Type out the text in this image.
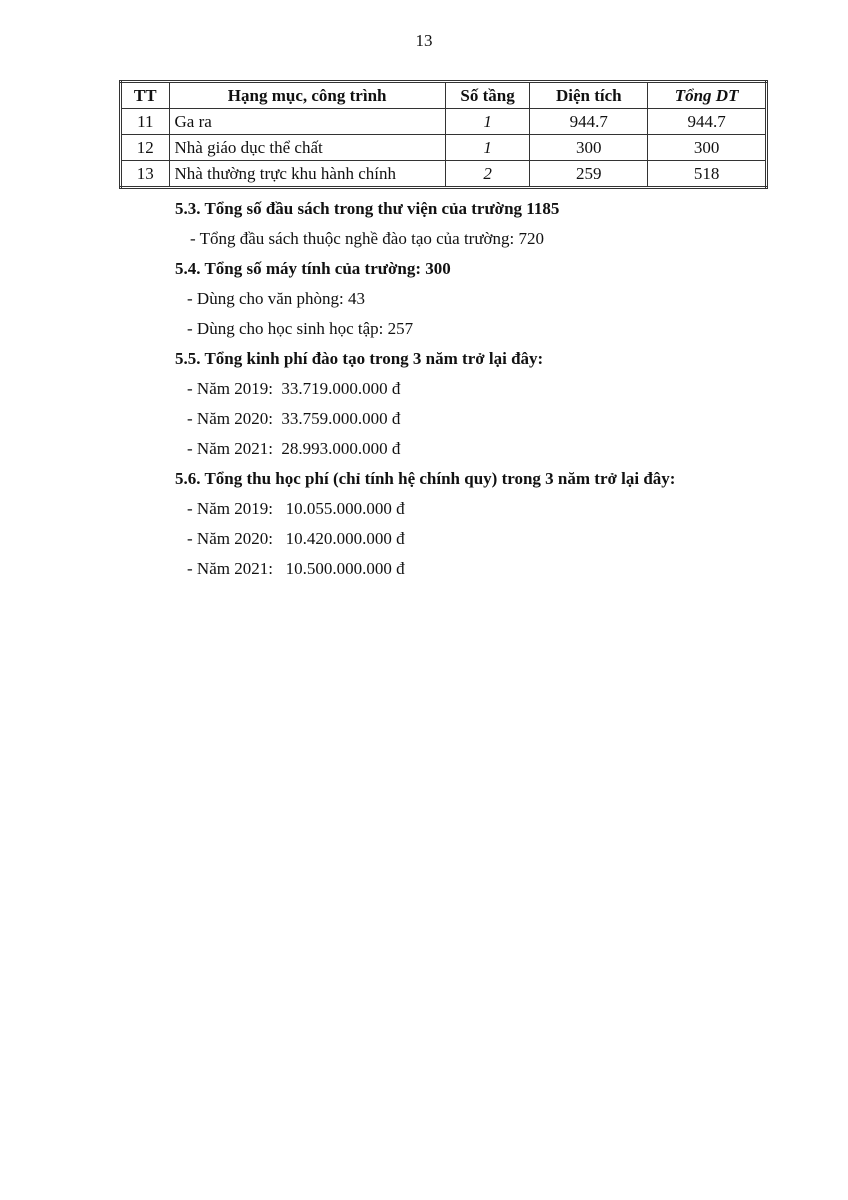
13
TT	Hạng mục, công trình	Số tầng	Diện tích	Tổng DT
11	Ga ra	1	944.7	944.7
12	Nhà giáo dục thể chất	1	300	300
13	Nhà thường trực khu hành chính	2	259	518
5.3. Tổng số đầu sách trong thư viện của trường 1185
- Tổng đầu sách thuộc nghề đào tạo của trường: 720
5.4. Tổng số máy tính của trường: 300
- Dùng cho văn phòng: 43
- Dùng cho học sinh học tập: 257
5.5. Tổng kinh phí đào tạo trong 3 năm trở lại đây:
- Năm 2019:  33.719.000.000 đ
- Năm 2020:  33.759.000.000 đ
- Năm 2021:  28.993.000.000 đ
5.6. Tổng thu học phí (chỉ tính hệ chính quy) trong 3 năm trở lại đây:
- Năm 2019:   10.055.000.000 đ
- Năm 2020:   10.420.000.000 đ
- Năm 2021:   10.500.000.000 đ
